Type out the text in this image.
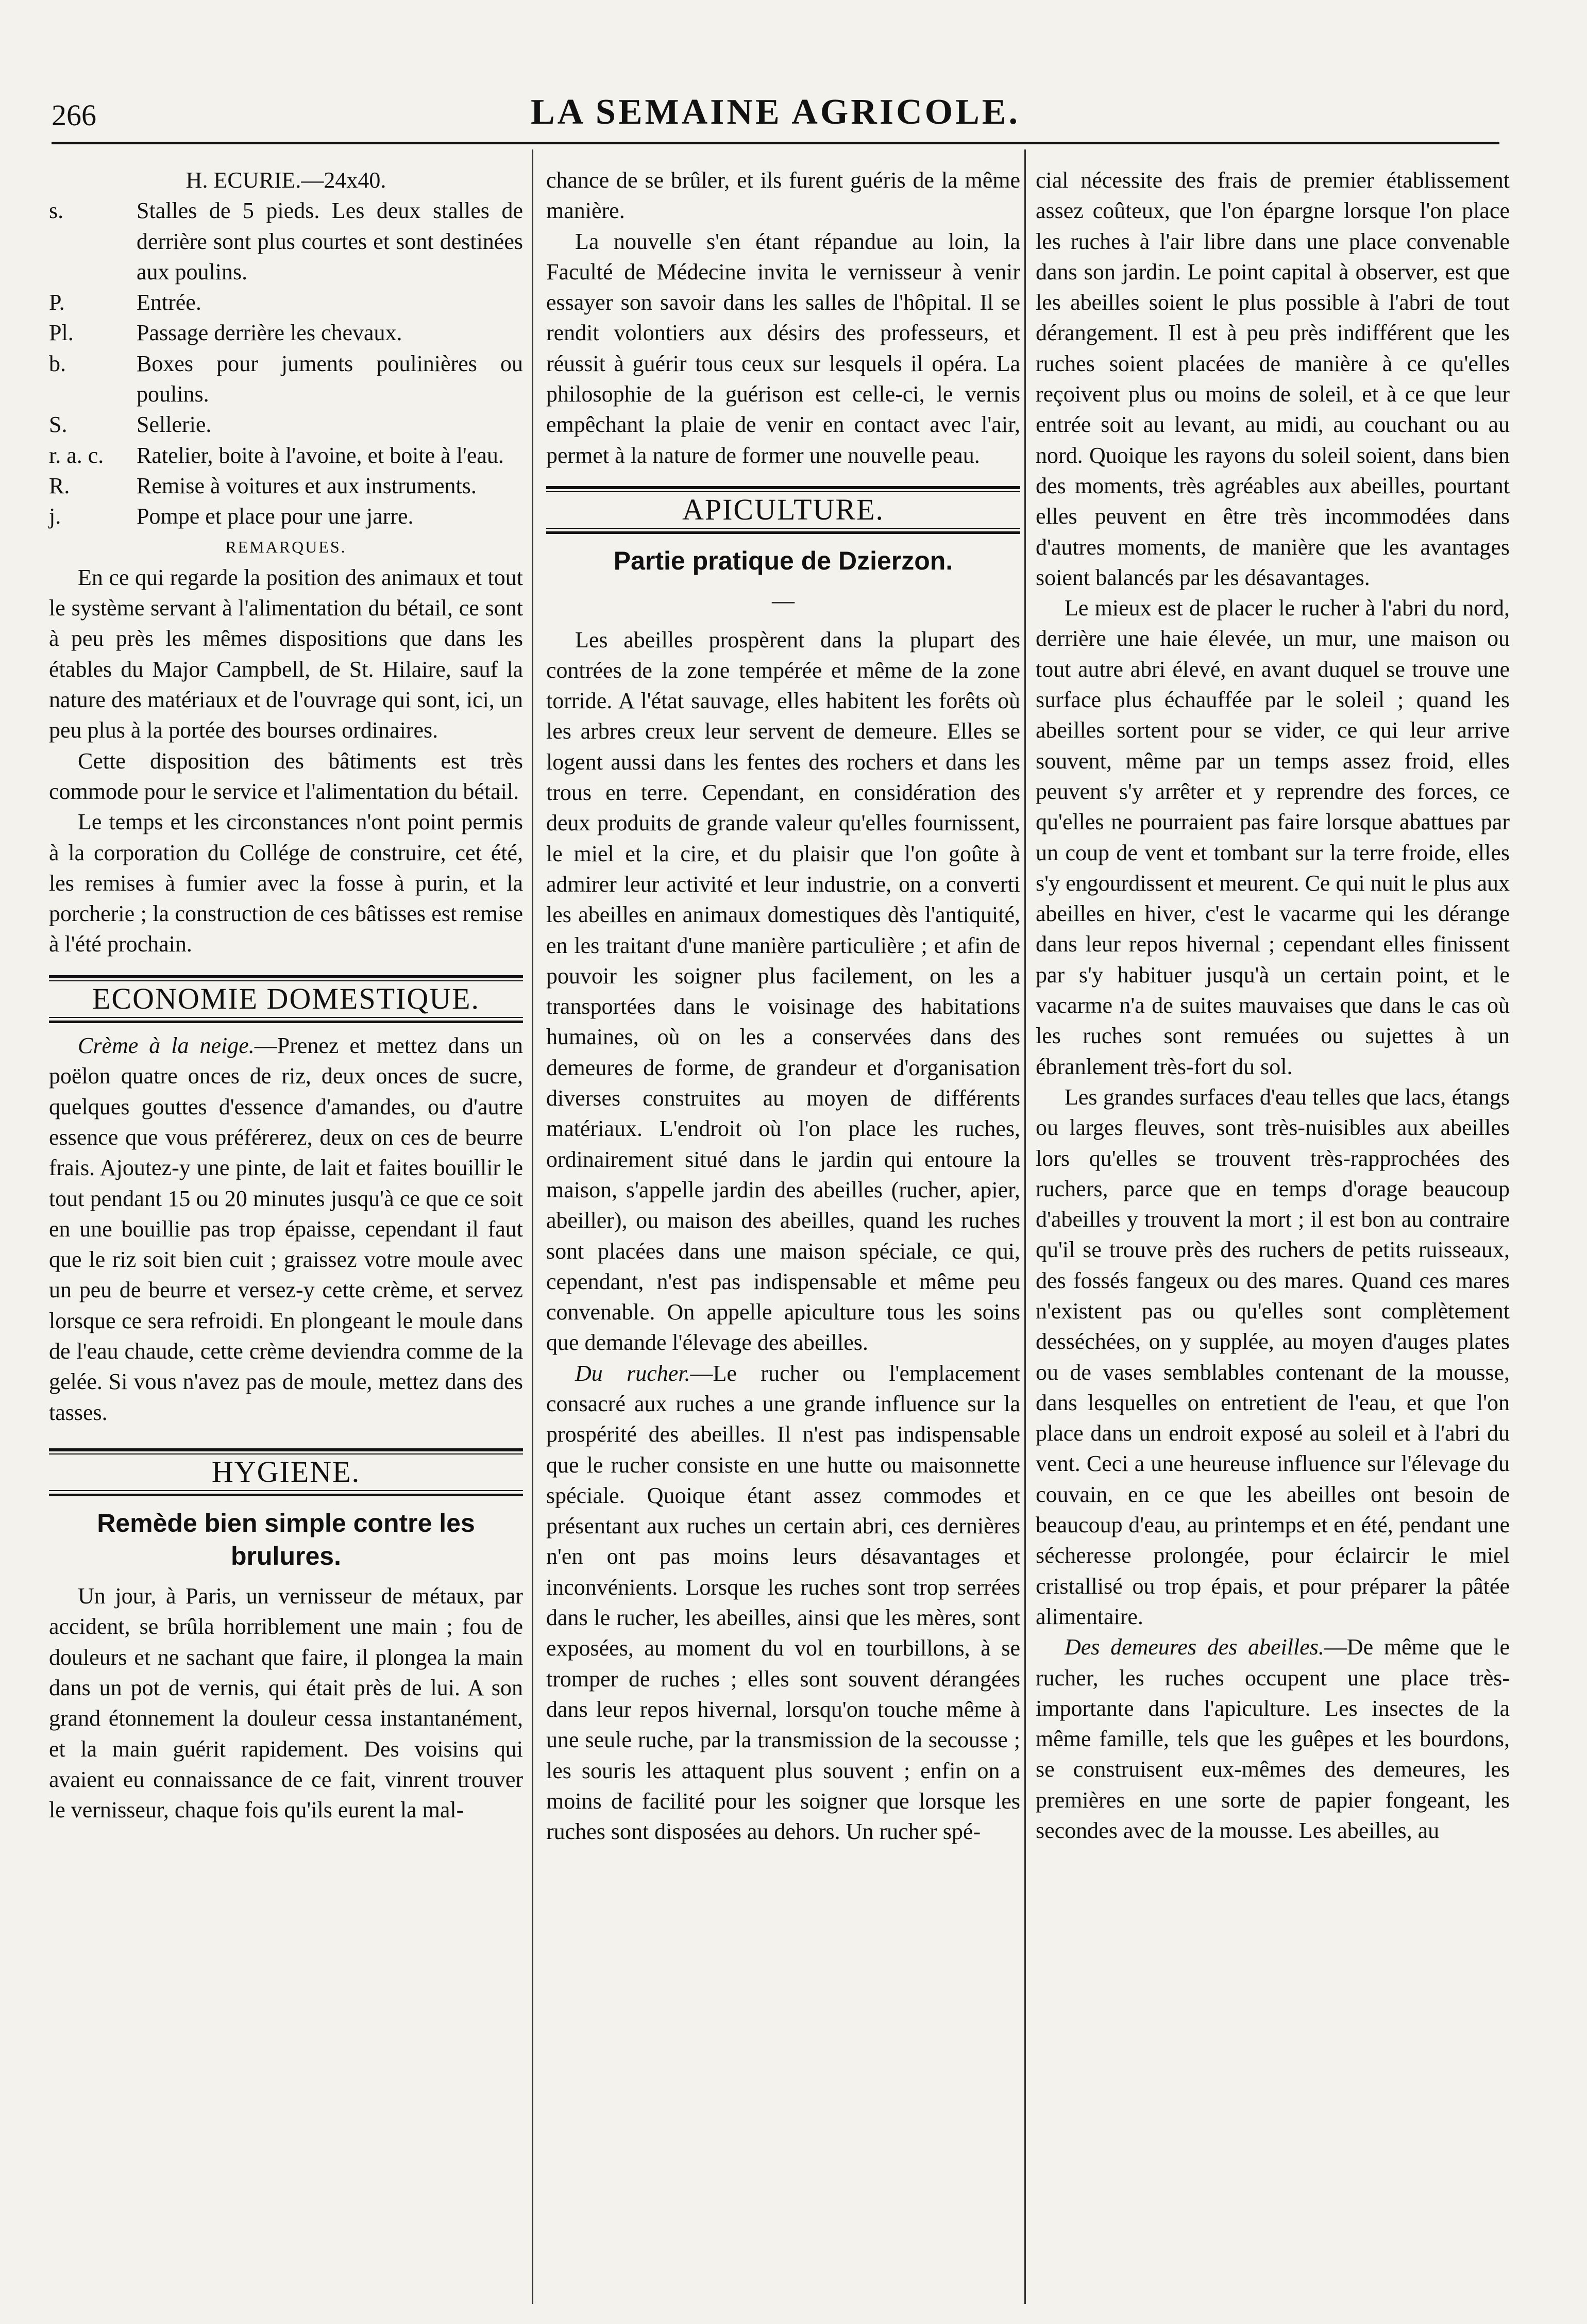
266	LA SEMAINE AGRICOLE.
H. ECURIE.—24x40.
s.	Stalles de 5 pieds. Les deux stalles de derrière sont plus courtes et sont destinées aux poulins.
P.	Entrée.
Pl.	Passage derrière les chevaux.
b.	Boxes pour juments poulinières ou poulins.
S.	Sellerie.
r. a. c.	Ratelier, boite à l'avoine, et boite à l'eau.
R.	Remise à voitures et aux instruments.
j.	Pompe et place pour une jarre.
REMARQUES.

En ce qui regarde la position des animaux et tout le système servant à l'alimentation du bétail, ce sont à peu près les mêmes dispositions que dans les étables du Major Campbell, de St. Hilaire, sauf la nature des matériaux et de l'ouvrage qui sont, ici, un peu plus à la portée des bourses ordinaires.

Cette disposition des bâtiments est très commode pour le service et l'alimentation du bétail.

Le temps et les circonstances n'ont point permis à la corporation du Collége de construire, cet été, les remises à fumier avec la fosse à purin, et la porcherie ; la construction de ces bâtisses est remise à l'été prochain.

ECONOMIE DOMESTIQUE.

Crème à la neige.—Prenez et mettez dans un poëlon quatre onces de riz, deux onces de sucre, quelques gouttes d'essence d'amandes, ou d'autre essence que vous préférerez, deux on ces de beurre frais. Ajoutez-y une pinte, de lait et faites bouillir le tout pendant 15 ou 20 minutes jusqu'à ce que ce soit en une bouillie pas trop épaisse, cependant il faut que le riz soit bien cuit ; graissez votre moule avec un peu de beurre et versez-y cette crème, et servez lorsque ce sera refroidi. En plongeant le moule dans de l'eau chaude, cette crème deviendra comme de la gelée. Si vous n'avez pas de moule, mettez dans des tasses.

HYGIENE.
Remède bien simple contre les brulures.

Un jour, à Paris, un vernisseur de métaux, par accident, se brûla horriblement une main ; fou de douleurs et ne sachant que faire, il plongea la main dans un pot de vernis, qui était près de lui. A son grand étonnement la douleur cessa instantanément, et la main guérit rapidement. Des voisins qui avaient eu connaissance de ce fait, vinrent trouver le vernisseur, chaque fois qu'ils eurent la mal-

chance de se brûler, et ils furent guéris de la même manière.

La nouvelle s'en étant répandue au loin, la Faculté de Médecine invita le vernisseur à venir essayer son savoir dans les salles de l'hôpital. Il se rendit volontiers aux désirs des professeurs, et réussit à guérir tous ceux sur lesquels il opéra. La philosophie de la guérison est celle-ci, le vernis empêchant la plaie de venir en contact avec l'air, permet à la nature de former une nouvelle peau.

APICULTURE.
Partie pratique de Dzierzon.
—

Les abeilles prospèrent dans la plupart des contrées de la zone tempérée et même de la zone torride. A l'état sauvage, elles habitent les forêts où les arbres creux leur servent de demeure. Elles se logent aussi dans les fentes des rochers et dans les trous en terre. Cependant, en considération des deux produits de grande valeur qu'elles fournissent, le miel et la cire, et du plaisir que l'on goûte à admirer leur activité et leur industrie, on a converti les abeilles en animaux domestiques dès l'antiquité, en les traitant d'une manière particulière ; et afin de pouvoir les soigner plus facilement, on les a transportées dans le voisinage des habitations humaines, où on les a conservées dans des demeures de forme, de grandeur et d'organisation diverses construites au moyen de différents matériaux. L'endroit où l'on place les ruches, ordinairement situé dans le jardin qui entoure la maison, s'appelle jardin des abeilles (rucher, apier, abeiller), ou maison des abeilles, quand les ruches sont placées dans une maison spéciale, ce qui, cependant, n'est pas indispensable et même peu convenable. On appelle apiculture tous les soins que demande l'élevage des abeilles.

Du rucher.—Le rucher ou l'emplacement consacré aux ruches a une grande influence sur la prospérité des abeilles. Il n'est pas indispensable que le rucher consiste en une hutte ou maisonnette spéciale. Quoique étant assez commodes et présentant aux ruches un certain abri, ces dernières n'en ont pas moins leurs désavantages et inconvénients. Lorsque les ruches sont trop serrées dans le rucher, les abeilles, ainsi que les mères, sont exposées, au moment du vol en tourbillons, à se tromper de ruches ; elles sont souvent dérangées dans leur repos hivernal, lorsqu'on touche même à une seule ruche, par la transmission de la secousse ; les souris les attaquent plus souvent ; enfin on a moins de facilité pour les soigner que lorsque les ruches sont disposées au dehors. Un rucher spé-

cial nécessite des frais de premier établissement assez coûteux, que l'on épargne lorsque l'on place les ruches à l'air libre dans une place convenable dans son jardin. Le point capital à observer, est que les abeilles soient le plus possible à l'abri de tout dérangement. Il est à peu près indifférent que les ruches soient placées de manière à ce qu'elles reçoivent plus ou moins de soleil, et à ce que leur entrée soit au levant, au midi, au couchant ou au nord. Quoique les rayons du soleil soient, dans bien des moments, très agréables aux abeilles, pourtant elles peuvent en être très incommodées dans d'autres moments, de manière que les avantages soient balancés par les désavantages.

Le mieux est de placer le rucher à l'abri du nord, derrière une haie élevée, un mur, une maison ou tout autre abri élevé, en avant duquel se trouve une surface plus échauffée par le soleil ; quand les abeilles sortent pour se vider, ce qui leur arrive souvent, même par un temps assez froid, elles peuvent s'y arrêter et y reprendre des forces, ce qu'elles ne pourraient pas faire lorsque abattues par un coup de vent et tombant sur la terre froide, elles s'y engourdissent et meurent. Ce qui nuit le plus aux abeilles en hiver, c'est le vacarme qui les dérange dans leur repos hivernal ; cependant elles finissent par s'y habituer jusqu'à un certain point, et le vacarme n'a de suites mauvaises que dans le cas où les ruches sont remuées ou sujettes à un ébranlement très-fort du sol.

Les grandes surfaces d'eau telles que lacs, étangs ou larges fleuves, sont très-nuisibles aux abeilles lors qu'elles se trouvent très-rapprochées des ruchers, parce que en temps d'orage beaucoup d'abeilles y trouvent la mort ; il est bon au contraire qu'il se trouve près des ruchers de petits ruisseaux, des fossés fangeux ou des mares. Quand ces mares n'existent pas ou qu'elles sont complètement desséchées, on y supplée, au moyen d'auges plates ou de vases semblables contenant de la mousse, dans lesquelles on entretient de l'eau, et que l'on place dans un endroit exposé au soleil et à l'abri du vent. Ceci a une heureuse influence sur l'élevage du couvain, en ce que les abeilles ont besoin de beaucoup d'eau, au printemps et en été, pendant une sécheresse prolongée, pour éclaircir le miel cristallisé ou trop épais, et pour préparer la pâtée alimentaire.

Des demeures des abeilles.—De même que le rucher, les ruches occupent une place très-importante dans l'apiculture. Les insectes de la même famille, tels que les guêpes et les bourdons, se construisent eux-mêmes des demeures, les premières en une sorte de papier fongeant, les secondes avec de la mousse. Les abeilles, au
